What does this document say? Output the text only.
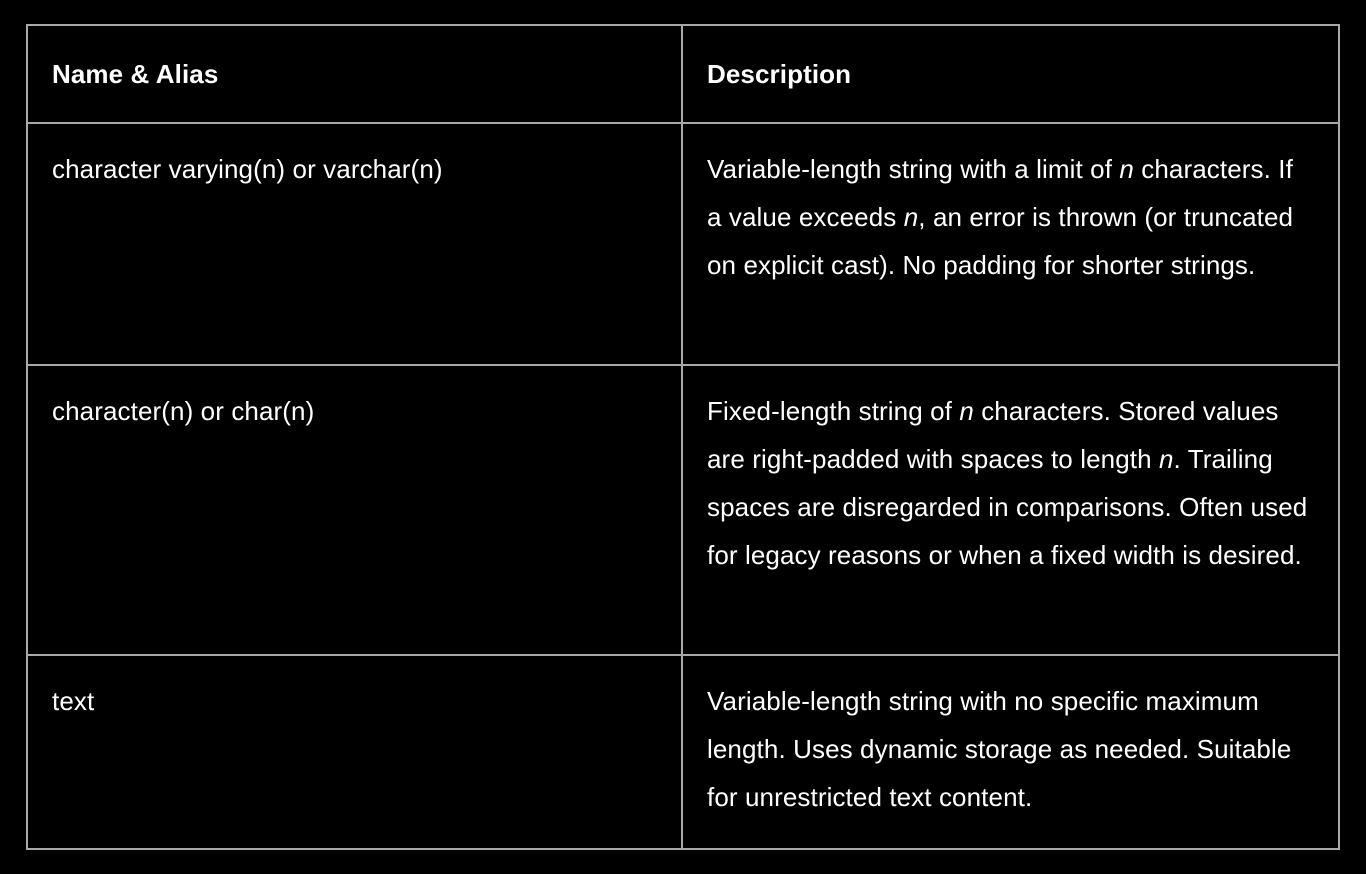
Name & Alias	Description
character varying(n) or varchar(n)	Variable-length string with a limit of n characters. If a value exceeds n, an error is thrown (or truncated on explicit cast). No padding for shorter strings.
character(n) or char(n)	Fixed-length string of n characters. Stored values are right-padded with spaces to length n. Trailing spaces are disregarded in comparisons. Often used for legacy reasons or when a fixed width is desired.
text	Variable-length string with no specific maximum length. Uses dynamic storage as needed. Suitable for unrestricted text content.
